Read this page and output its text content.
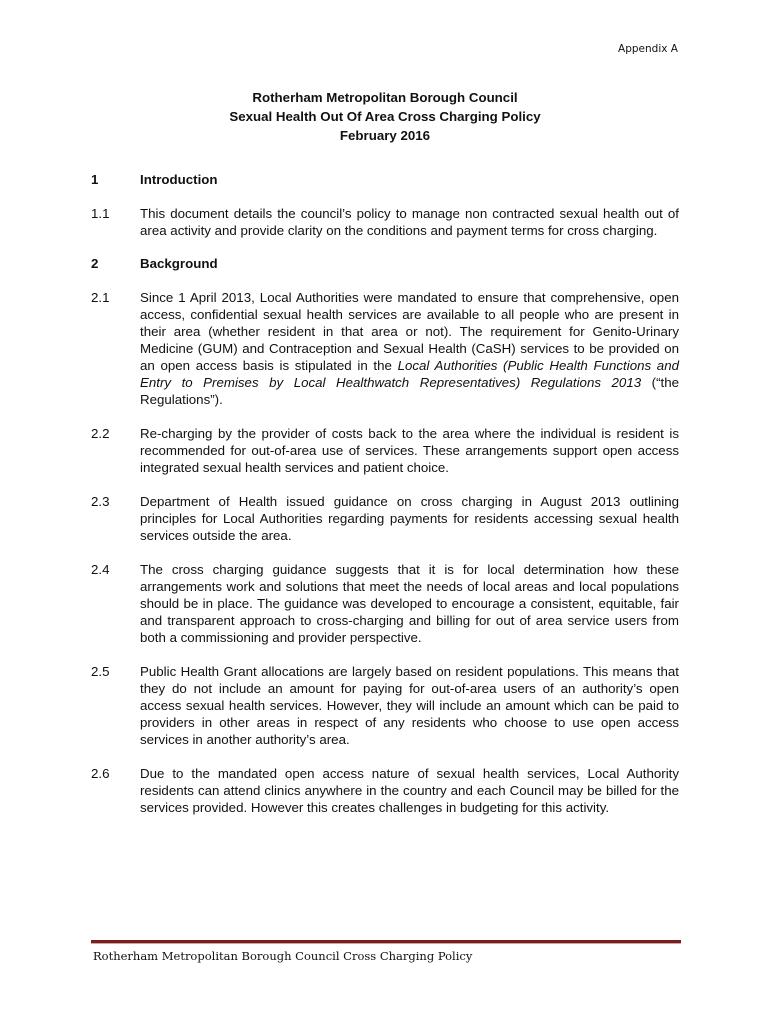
Appendix A
Rotherham Metropolitan Borough Council
Sexual Health Out Of Area Cross Charging Policy
February 2016
1	Introduction
1.1	This document details the council’s policy to manage non contracted sexual health out of area activity and provide clarity on the conditions and payment terms for cross charging.
2	Background
2.1	Since 1 April 2013, Local Authorities were mandated to ensure that comprehensive, open access, confidential sexual health services are available to all people who are present in their area (whether resident in that area or not). The requirement for Genito-Urinary Medicine (GUM) and Contraception and Sexual Health (CaSH) services to be provided on an open access basis is stipulated in the Local Authorities (Public Health Functions and Entry to Premises by Local Healthwatch Representatives) Regulations 2013 (“the Regulations”).
2.2	Re-charging by the provider of costs back to the area where the individual is resident is recommended for out-of-area use of services. These arrangements support open access integrated sexual health services and patient choice.
2.3	Department of Health issued guidance on cross charging in August 2013 outlining principles for Local Authorities regarding payments for residents accessing sexual health services outside the area.
2.4	The cross charging guidance suggests that it is for local determination how these arrangements work and solutions that meet the needs of local areas and local populations should be in place. The guidance was developed to encourage a consistent, equitable, fair and transparent approach to cross-charging and billing for out of area service users from both a commissioning and provider perspective.
2.5	Public Health Grant allocations are largely based on resident populations. This means that they do not include an amount for paying for out-of-area users of an authority’s open access sexual health services. However, they will include an amount which can be paid to providers in other areas in respect of any residents who choose to use open access services in another authority’s area.
2.6	Due to the mandated open access nature of sexual health services, Local Authority residents can attend clinics anywhere in the country and each Council may be billed for the services provided. However this creates challenges in budgeting for this activity.
Rotherham Metropolitan Borough Council Cross Charging Policy
